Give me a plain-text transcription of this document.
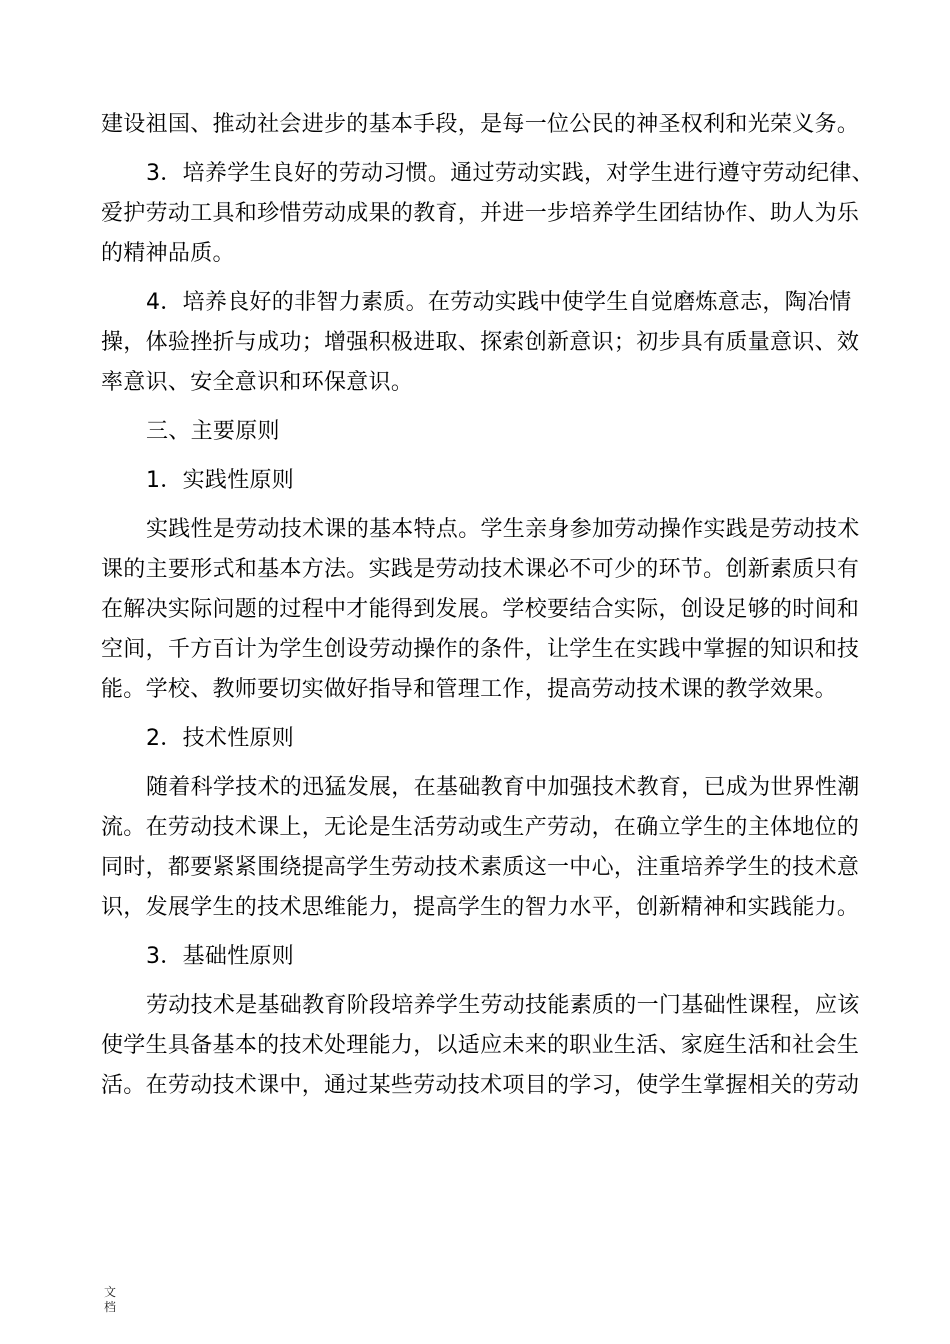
建设祖国、推动社会进步的基本手段，是每一位公民的神圣权利和光荣义务。
3．培养学生良好的劳动习惯。通过劳动实践，对学生进行遵守劳动纪律、
爱护劳动工具和珍惜劳动成果的教育，并进一步培养学生团结协作、助人为乐
的精神品质。
4．培养良好的非智力素质。在劳动实践中使学生自觉磨炼意志，陶冶情
操，体验挫折与成功；增强积极进取、探索创新意识；初步具有质量意识、效
率意识、安全意识和环保意识。
三、主要原则
1．实践性原则
实践性是劳动技术课的基本特点。学生亲身参加劳动操作实践是劳动技术
课的主要形式和基本方法。实践是劳动技术课必不可少的环节。创新素质只有
在解决实际问题的过程中才能得到发展。学校要结合实际，创设足够的时间和
空间，千方百计为学生创设劳动操作的条件，让学生在实践中掌握的知识和技
能。学校、教师要切实做好指导和管理工作，提高劳动技术课的教学效果。
2．技术性原则
随着科学技术的迅猛发展，在基础教育中加强技术教育，已成为世界性潮
流。在劳动技术课上，无论是生活劳动或生产劳动，在确立学生的主体地位的
同时，都要紧紧围绕提高学生劳动技术素质这一中心，注重培养学生的技术意
识，发展学生的技术思维能力，提高学生的智力水平，创新精神和实践能力。
3．基础性原则
劳动技术是基础教育阶段培养学生劳动技能素质的一门基础性课程，应该
使学生具备基本的技术处理能力，以适应未来的职业生活、家庭生活和社会生
活。在劳动技术课中，通过某些劳动技术项目的学习，使学生掌握相关的劳动
文
档
